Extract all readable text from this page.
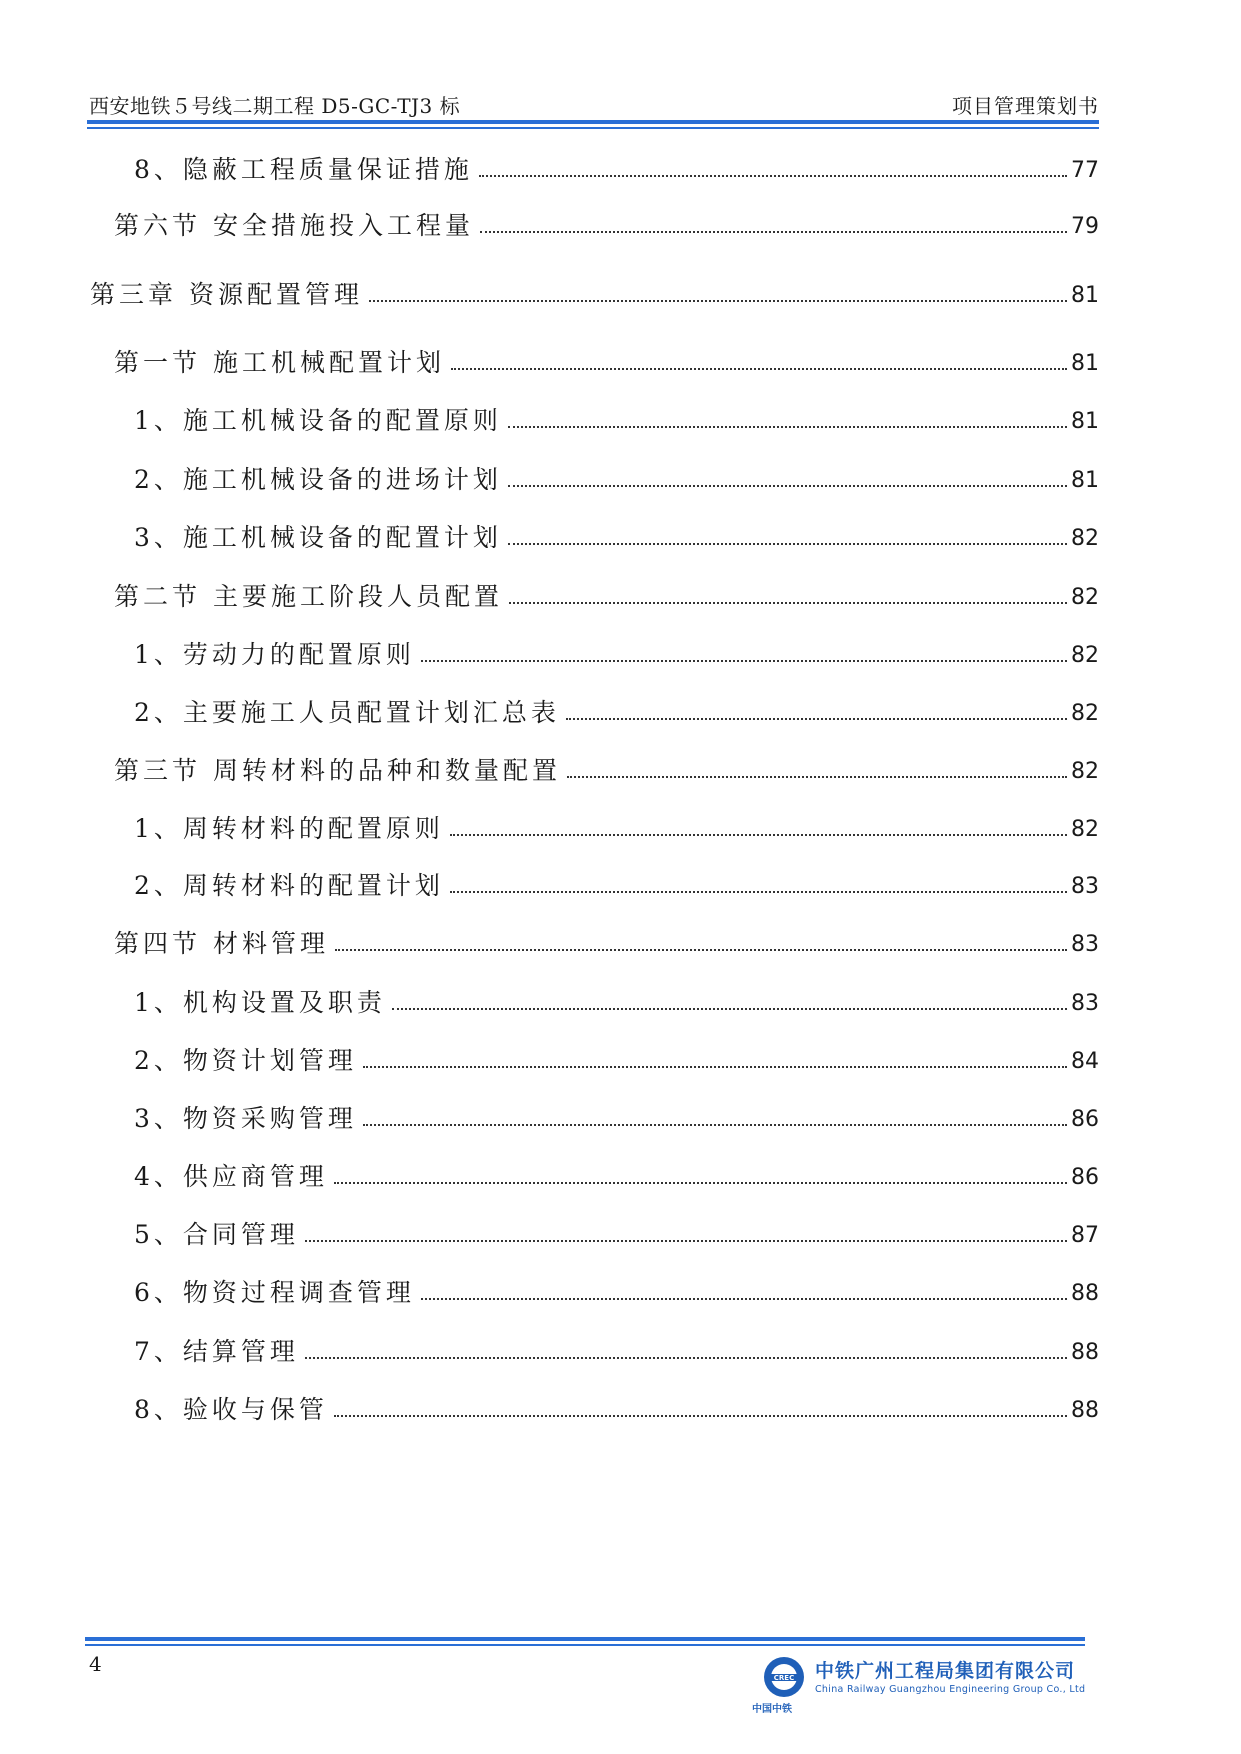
西安地铁５号线二期工程 D5-GC-TJ3 标	项目管理策划书
8、隐蔽工程质量保证措施	77
第六节 安全措施投入工程量	79
第三章 资源配置管理	81
第一节 施工机械配置计划	81
1、施工机械设备的配置原则	81
2、施工机械设备的进场计划	81
3、施工机械设备的配置计划	82
第二节 主要施工阶段人员配置	82
1、劳动力的配置原则	82
2、主要施工人员配置计划汇总表	82
第三节 周转材料的品种和数量配置	82
1、周转材料的配置原则	82
2、周转材料的配置计划	83
第四节 材料管理	83
1、机构设置及职责	83
2、物资计划管理	84
3、物资采购管理	86
4、供应商管理	86
5、合同管理	87
6、物资过程调查管理	88
7、结算管理	88
8、验收与保管	88
4
CREC
中国中铁
中铁广州工程局集团有限公司
China Railway Guangzhou Engineering Group Co., Ltd
